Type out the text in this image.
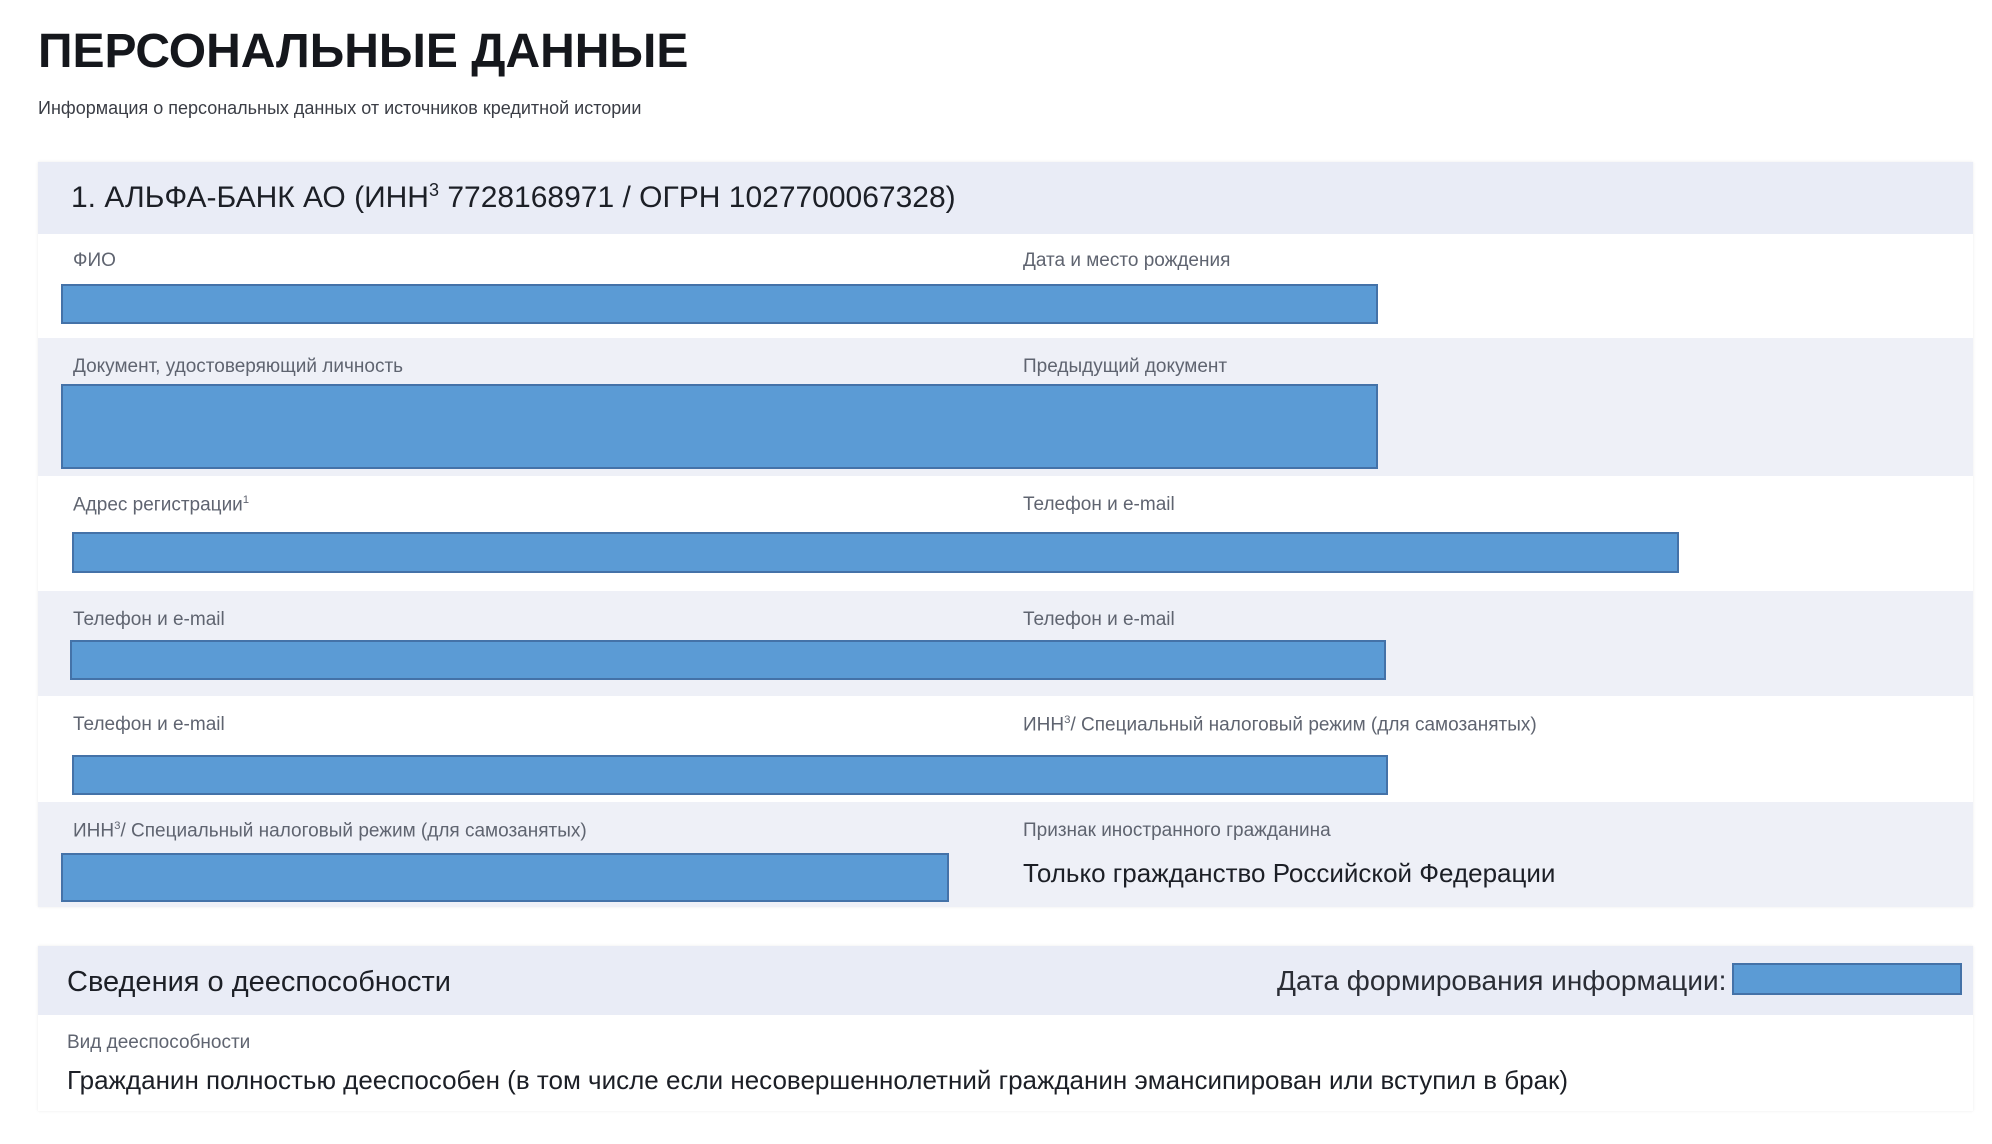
ПЕРСОНАЛЬНЫЕ ДАННЫЕ
Информация о персональных данных от источников кредитной истории
1. АЛЬФА-БАНК АО (ИНН$^3$ 7728168971 / ОГРН 1027700067328)
ФИО	Дата и место рождения
Документ, удостоверяющий личность	Предыдущий документ
Адрес регистрации$^1$	Телефон и e-mail
Телефон и e-mail	Телефон и e-mail
Телефон и e-mail	ИНН$^3$/ Специальный налоговый режим (для самозанятых)
ИНН$^3$/ Специальный налоговый режим (для самозанятых)	Признак иностранного гражданина
Только гражданство Российской Федерации
Сведения о дееспособности	Дата формирования информации:
Вид дееспособности
Гражданин полностью дееспособен (в том числе если несовершеннолетний гражданин эмансипирован или вступил в брак)
